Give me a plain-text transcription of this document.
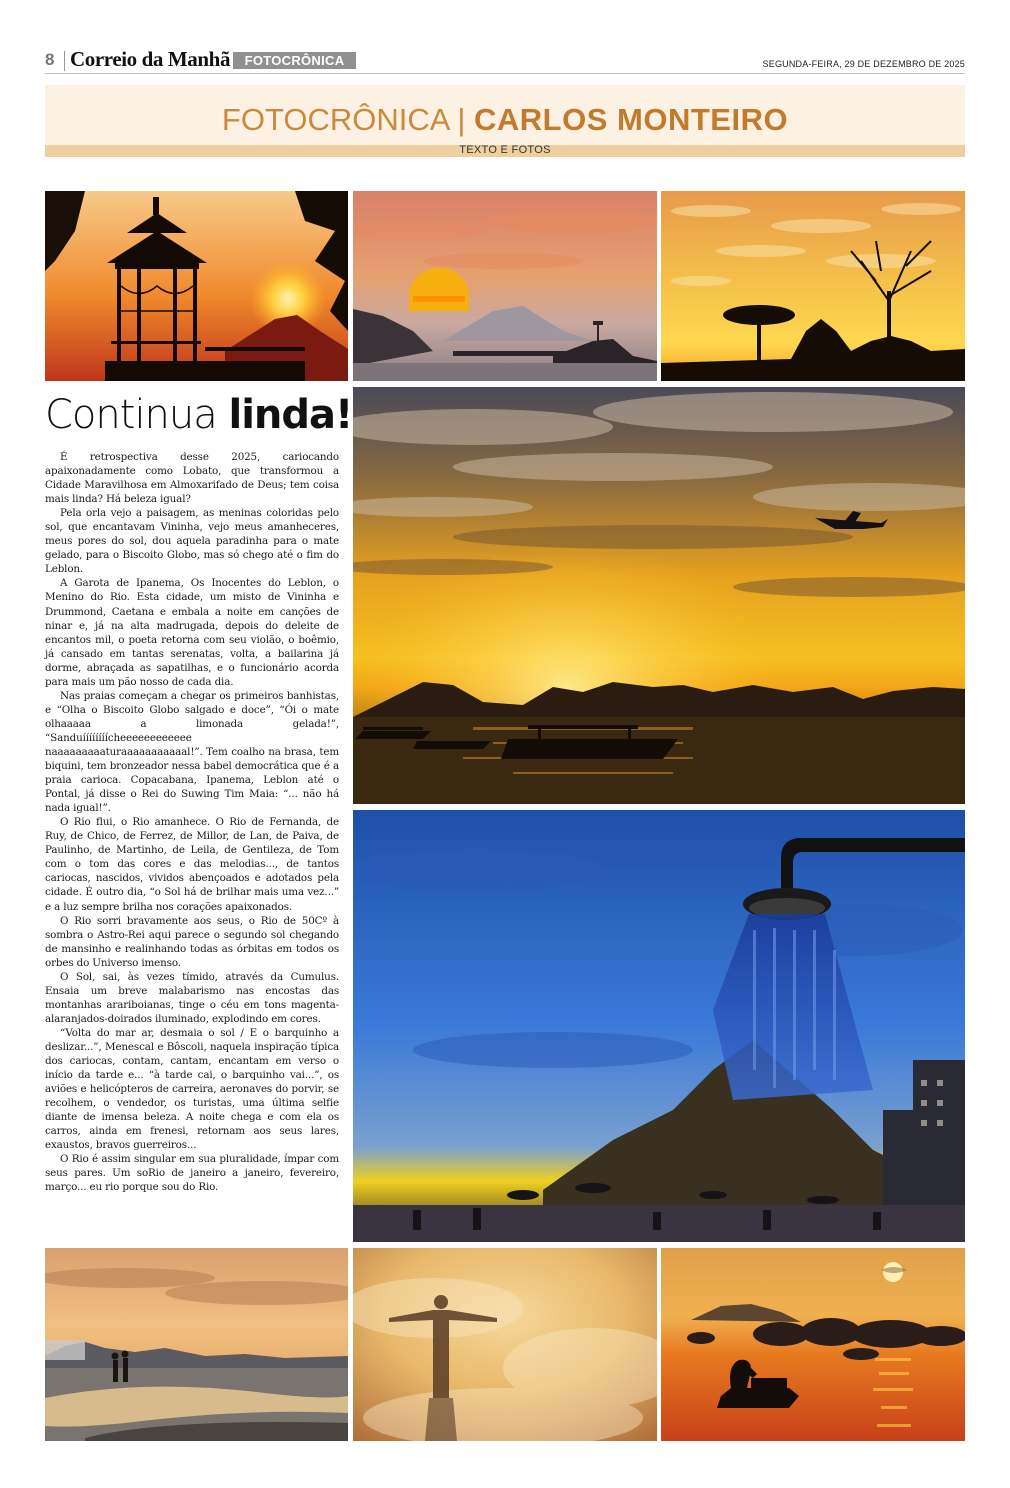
8 Correio da Manhã	FOTOCRÔNICA	SEGUNDA-FEIRA, 29 DE DEZEMBRO DE 2025
FOTOCRÔNICA | CARLOS MONTEIRO
TEXTO E FOTOS
Continua linda!

É retrospectiva desse 2025, cariocando apaixonadamente como Lobato, que transformou a Cidade Maravilhosa em Almoxarifado de Deus; tem coisa mais linda? Há beleza igual?

Pela orla vejo a paisagem, as meninas coloridas pelo sol, que encantavam Vininha, vejo meus amanheceres, meus pores do sol, dou aquela paradinha para o mate gelado, para o Biscoito Globo, mas só chego até o fim do Leblon.

A Garota de Ipanema, Os Inocentes do Leblon, o Menino do Rio. Esta cidade, um misto de Vininha e Drummond, Caetana e embala a noite em canções de ninar e, já na alta madrugada, depois do deleite de encantos mil, o poeta retorna com seu violão, o boêmio, já cansado em tantas serenatas, volta, a bailarina já dorme, abraçada as sapatilhas, e o funcionário acorda para mais um pão nosso de cada dia.

Nas praias começam a chegar os primeiros banhistas, e “Olha o Biscoito Globo salgado e doce”, “Ói o mate olhaaaaa a limonada gelada!”, “Sanduíííííííícheeeeeeeeeeee naaaaaaaaaturaaaaaaaaaaal!”. Tem coalho na brasa, tem biquini, tem bronzeador nessa babel democrática que é a praia carioca. Copacabana, Ipanema, Leblon até o Pontal, já disse o Rei do Suwing Tim Maia: “... não há nada igual!”.

O Rio flui, o Rio amanhece. O Rio de Fernanda, de Ruy, de Chico, de Ferrez, de Millor, de Lan, de Paiva, de Paulinho, de Martinho, de Leila, de Gentileza, de Tom com o tom das cores e das melodias..., de tantos cariocas, nascidos, vividos abençoados e adotados pela cidade. É outro dia, “o Sol há de brilhar mais uma vez...” e a luz sempre brilha nos corações apaixonados.

O Rio sorri bravamente aos seus, o Rio de 50Cº à sombra o Astro-Rei aqui parece o segundo sol chegando de mansinho e realinhando todas as órbitas em todos os orbes do Universo imenso.

O Sol, sai, às vezes tímido, através da Cumulus. Ensaia um breve malabarismo nas encostas das montanhas arariboianas, tinge o céu em tons magenta-alaranjados-doirados iluminado, explodindo em cores.

“Volta do mar ar, desmaia o sol / E o barquinho a deslizar...”, Menescal e Bôscoli, naquela inspiração típica dos cariocas, contam, cantam, encantam em verso o início da tarde e... “à tarde cai, o barquinho vai...”, os aviões e helicópteros de carreira, aeronaves do porvir, se recolhem, o vendedor, os turistas, uma última selfie diante de imensa beleza. A noite chega e com ela os carros, ainda em frenesi, retornam aos seus lares, exaustos, bravos guerreiros...

O Rio é assim singular em sua pluralidade, ímpar com seus pares. Um soRio de janeiro a janeiro, fevereiro, março... eu rio porque sou do Rio.
